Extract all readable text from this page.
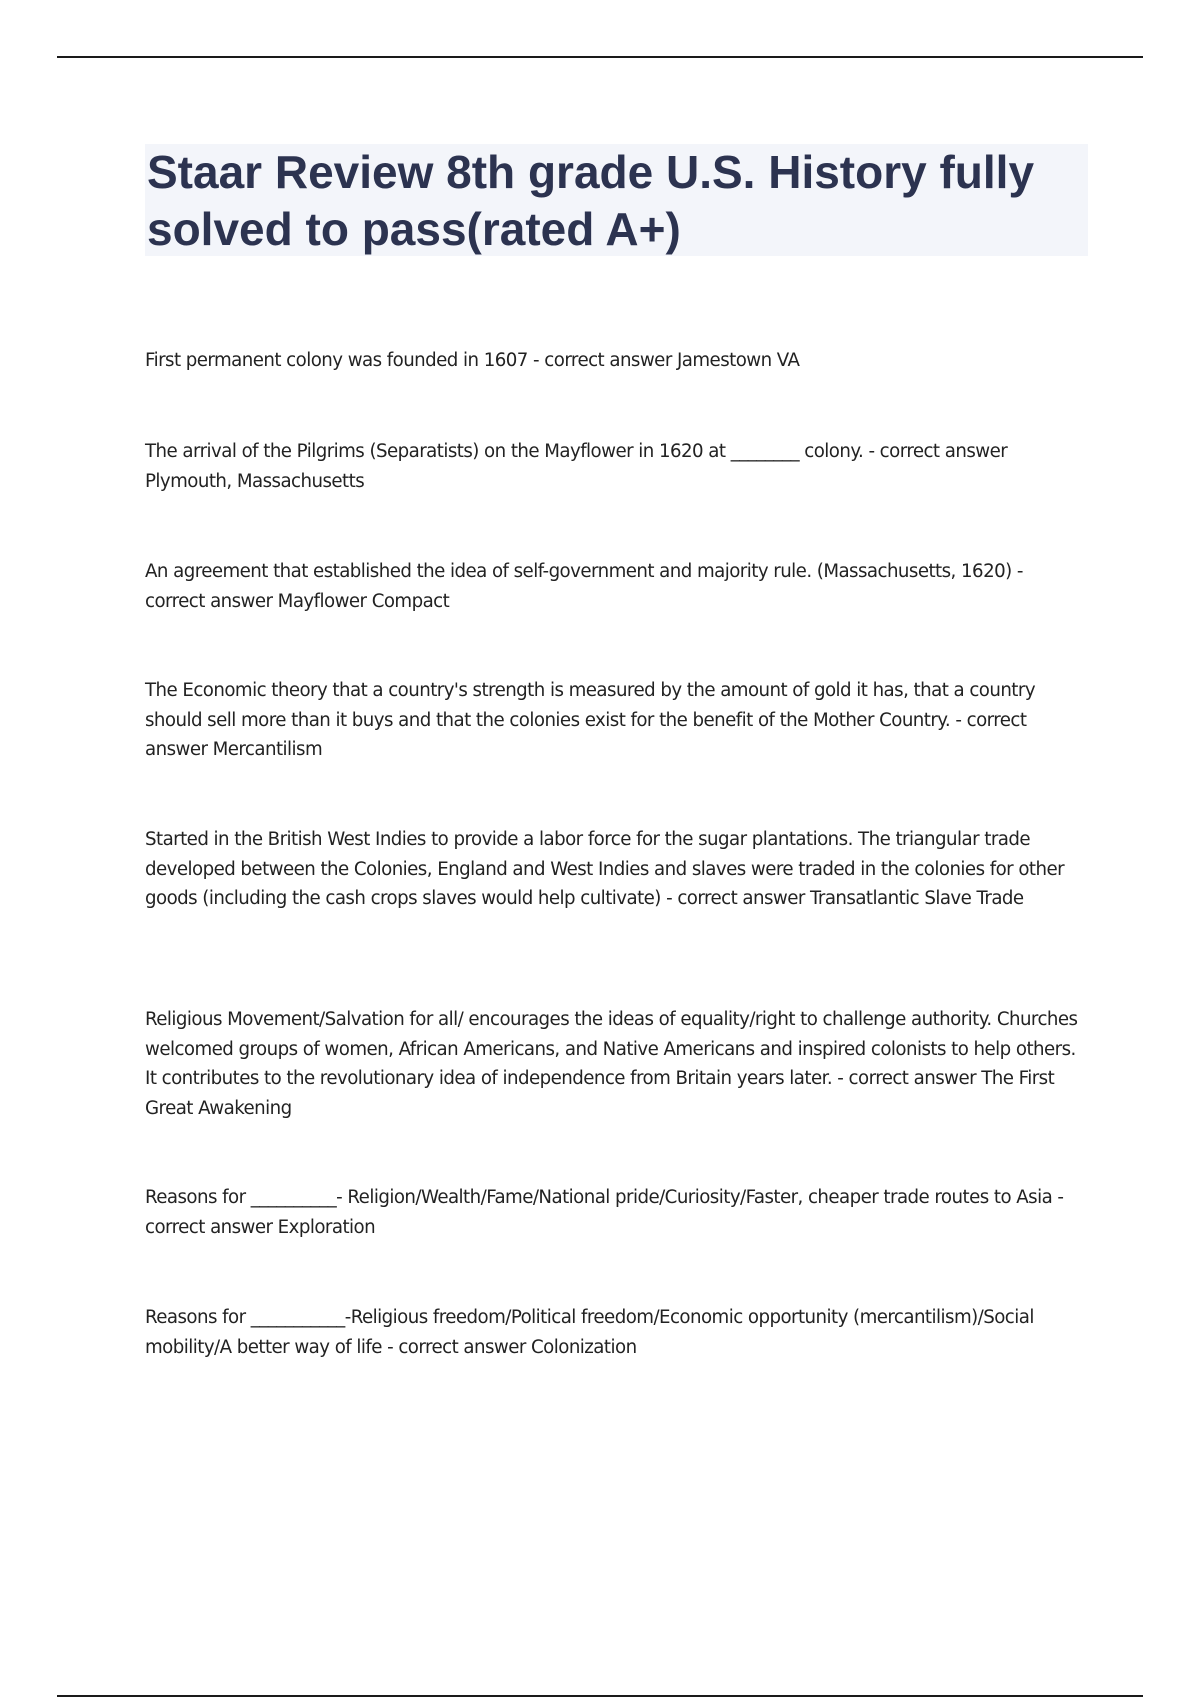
Staar Review 8th grade U.S. History fully solved to pass(rated A+)

First permanent colony was founded in 1607 - correct answer Jamestown VA

The arrival of the Pilgrims (Separatists) on the Mayflower in 1620 at ________ colony. - correct answer Plymouth, Massachusetts

An agreement that established the idea of self-government and majority rule. (Massachusetts, 1620) - correct answer Mayflower Compact

The Economic theory that a country's strength is measured by the amount of gold it has, that a country should sell more than it buys and that the colonies exist for the benefit of the Mother Country. - correct answer Mercantilism

Started in the British West Indies to provide a labor force for the sugar plantations. The triangular trade developed between the Colonies, England and West Indies and slaves were traded in the colonies for other goods (including the cash crops slaves would help cultivate) - correct answer Transatlantic Slave Trade

Religious Movement/Salvation for all/ encourages the ideas of equality/right to challenge authority. Churches welcomed groups of women, African Americans, and Native Americans and inspired colonists to help others. It contributes to the revolutionary idea of independence from Britain years later. - correct answer The First Great Awakening

Reasons for __________- Religion/Wealth/Fame/National pride/Curiosity/Faster, cheaper trade routes to Asia - correct answer Exploration

Reasons for ___________-Religious freedom/Political freedom/Economic opportunity (mercantilism)/Social mobility/A better way of life - correct answer Colonization
